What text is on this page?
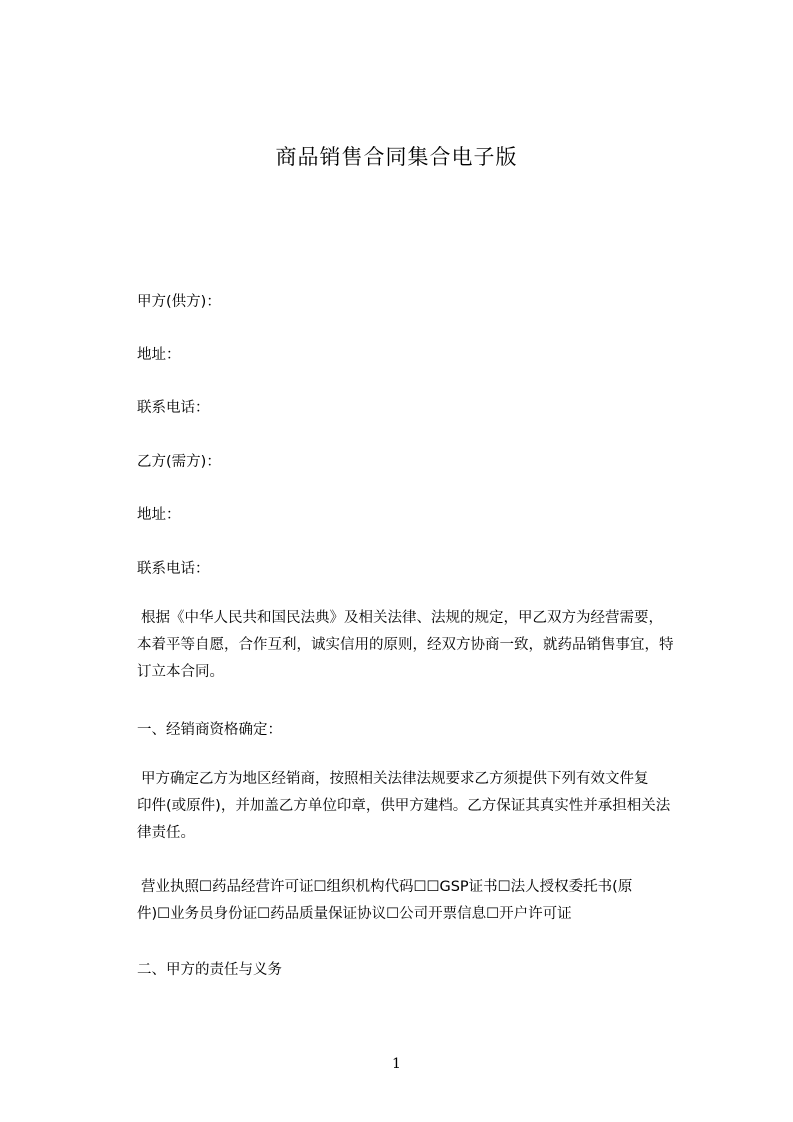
商品销售合同集合电子版
甲方(供方)：
地址：
联系电话：
乙方(需方)：
地址：
联系电话：
根据《中华人民共和国民法典》及相关法律、法规的规定，甲乙双方为经营需要，
本着平等自愿，合作互利，诚实信用的原则，经双方协商一致，就药品销售事宜，特
订立本合同。
一、经销商资格确定：
甲方确定乙方为地区经销商，按照相关法律法规要求乙方须提供下列有效文件复
印件(或原件)，并加盖乙方单位印章，供甲方建档。乙方保证其真实性并承担相关法
律责任。
营业执照☐药品经营许可证☐组织机构代码☐☐GSP证书☐法人授权委托书(原
件)☐业务员身份证☐药品质量保证协议☐公司开票信息☐开户许可证
二、甲方的责任与义务
1
